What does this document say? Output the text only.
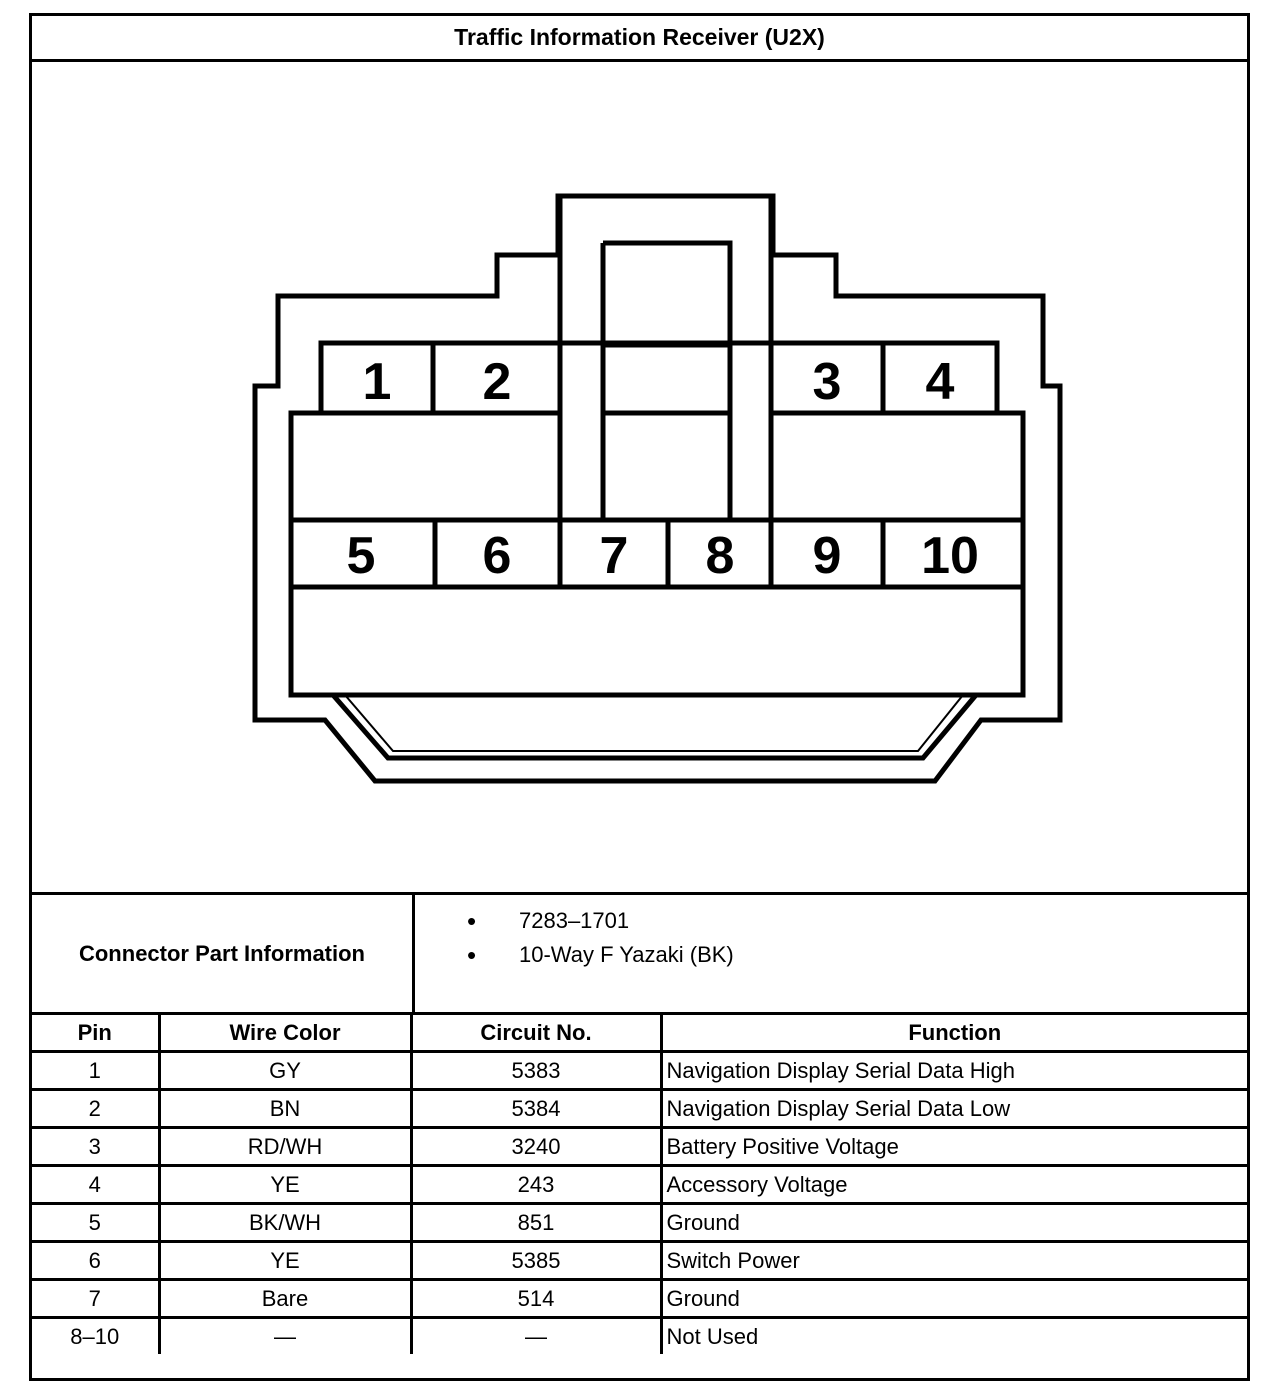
Traffic Information Receiver (U2X)
1 2	3 4
5 6 7 8 9 10
Connector Part Information
• 7283–1701
• 10-Way F Yazaki (BK)
Pin	Wire Color	Circuit No.	Function
1	GY	5383	Navigation Display Serial Data High
2	BN	5384	Navigation Display Serial Data Low
3	RD/WH	3240	Battery Positive Voltage
4	YE	243	Accessory Voltage
5	BK/WH	851	Ground
6	YE	5385	Switch Power
7	Bare	514	Ground
8–10	—	—	Not Used
